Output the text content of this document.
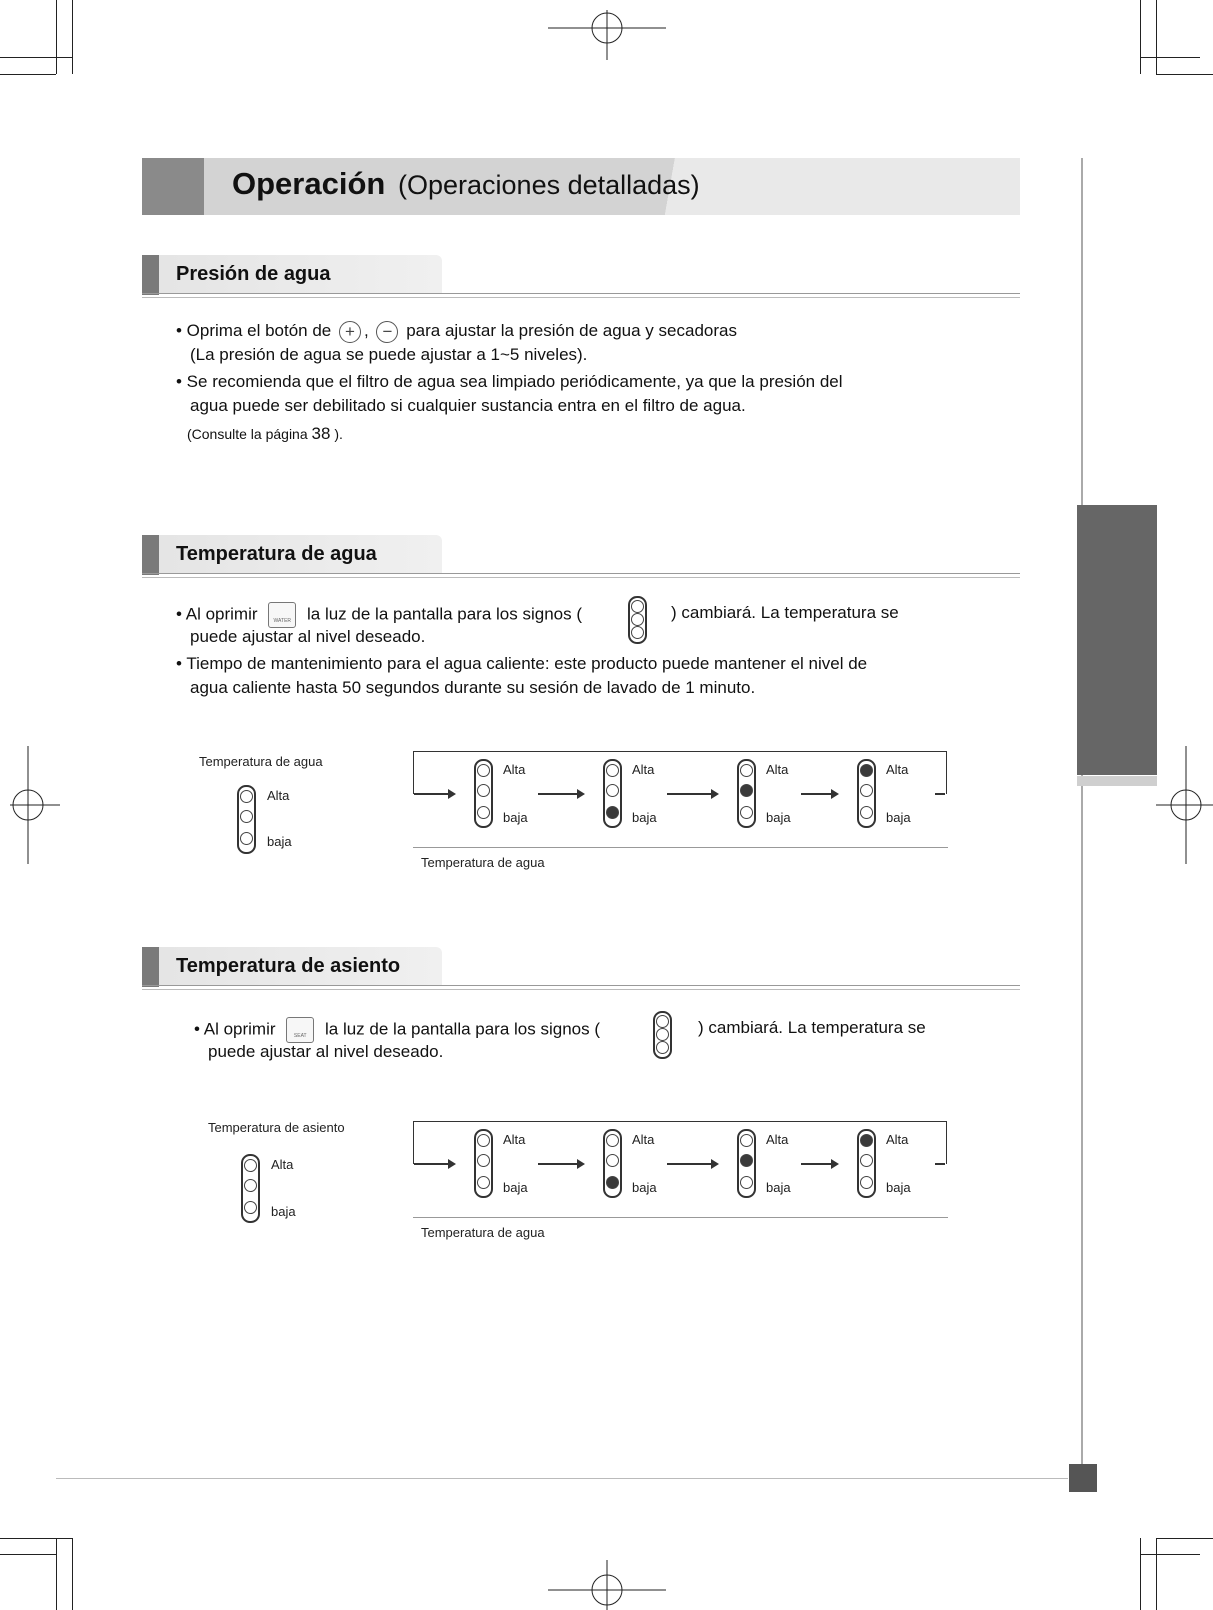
Operación (Operaciones detalladas)
Presión de agua
• Oprima el botón de + , − para ajustar la presión de agua y secadoras
(La presión de agua se puede ajustar a 1~5 niveles).
• Se recomienda que el filtro de agua sea limpiado periódicamente, ya que la presión del
agua puede ser debilitado si cualquier sustancia entra en el filtro de agua.
(Consulte la página 38 ).
Temperatura de agua
• Al oprimir	WATER la luz de la pantalla para los signos (	) cambiará. La temperatura se
puede ajustar al nivel deseado.
• Tiempo de mantenimiento para el agua caliente: este producto puede mantener el nivel de
agua caliente hasta 50 segundos durante su sesión de lavado de 1 minuto.
Temperatura de agua
Alta
baja
Temperatura de agua
Alta
baja
Alta
baja
Alta
baja
Alta
baja
Temperatura de asiento
• Al oprimir	SEAT	la luz de la pantalla para los signos (	) cambiará. La temperatura se
puede ajustar al nivel deseado.
Temperatura de asiento
Alta
baja
Temperatura de agua
Alta
baja
Alta
baja
Alta
baja
Alta
baja
